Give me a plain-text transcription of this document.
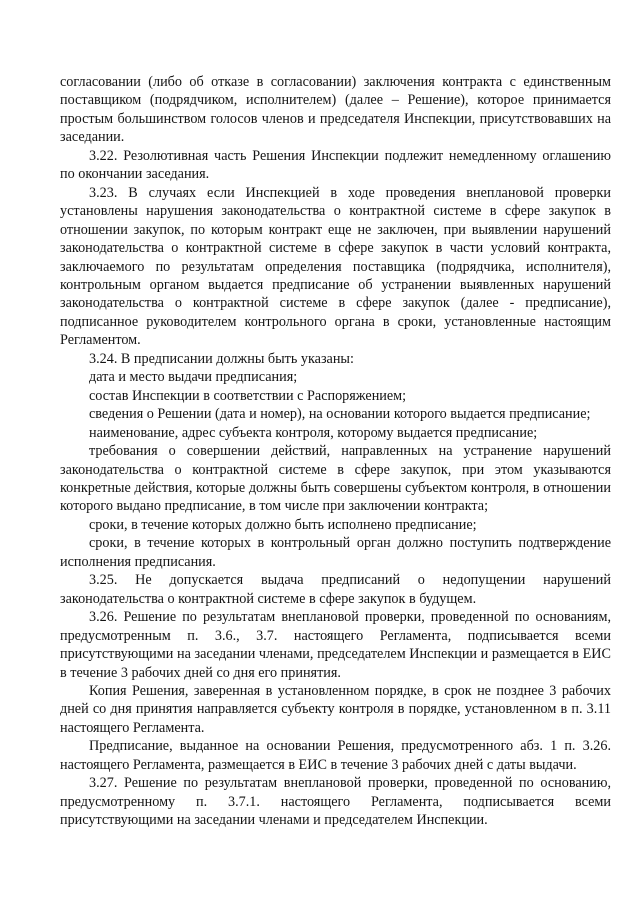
согласовании (либо об отказе в согласовании) заключения контракта с единственным поставщиком (подрядчиком, исполнителем) (далее – Решение), которое принимается простым большинством голосов членов и председателя Инспекции, присутствовавших на заседании.

3.22. Резолютивная часть Решения Инспекции подлежит немедленному оглашению по окончании заседания.

3.23. В случаях если Инспекцией в ходе проведения внеплановой проверки установлены нарушения законодательства о контрактной системе в сфере закупок в отношении закупок, по которым контракт еще не заключен, при выявлении нарушений законодательства о контрактной системе в сфере закупок в части условий контракта, заключаемого по результатам определения поставщика (подрядчика, исполнителя), контрольным органом выдается предписание об устранении выявленных нарушений законодательства о контрактной системе в сфере закупок (далее - предписание), подписанное руководителем контрольного органа в сроки, установленные настоящим Регламентом.

3.24. В предписании должны быть указаны:

дата и место выдачи предписания;

состав Инспекции в соответствии с Распоряжением;

сведения о Решении (дата и номер), на основании которого выдается предписание;

наименование, адрес субъекта контроля, которому выдается предписание;

требования о совершении действий, направленных на устранение нарушений законодательства о контрактной системе в сфере закупок, при этом указываются конкретные действия, которые должны быть совершены субъектом контроля, в отношении которого выдано предписание, в том числе при заключении контракта;

сроки, в течение которых должно быть исполнено предписание;

сроки, в течение которых в контрольный орган должно поступить подтверждение исполнения предписания.

3.25. Не допускается выдача предписаний о недопущении нарушений законодательства о контрактной системе в сфере закупок в будущем.

3.26. Решение по результатам внеплановой проверки, проведенной по основаниям, предусмотренным п. 3.6., 3.7. настоящего Регламента, подписывается всеми присутствующими на заседании членами, председателем Инспекции и размещается в ЕИС в течение 3 рабочих дней со дня его принятия.

Копия Решения, заверенная в установленном порядке, в срок не позднее 3 рабочих дней со дня принятия направляется субъекту контроля в порядке, установленном в п. 3.11 настоящего Регламента.

Предписание, выданное на основании Решения, предусмотренного абз. 1 п. 3.26. настоящего Регламента, размещается в ЕИС в течение 3 рабочих дней с даты выдачи.

3.27. Решение по результатам внеплановой проверки, проведенной по основанию, предусмотренному п. 3.7.1. настоящего Регламента, подписывается всеми присутствующими на заседании членами и председателем Инспекции.
